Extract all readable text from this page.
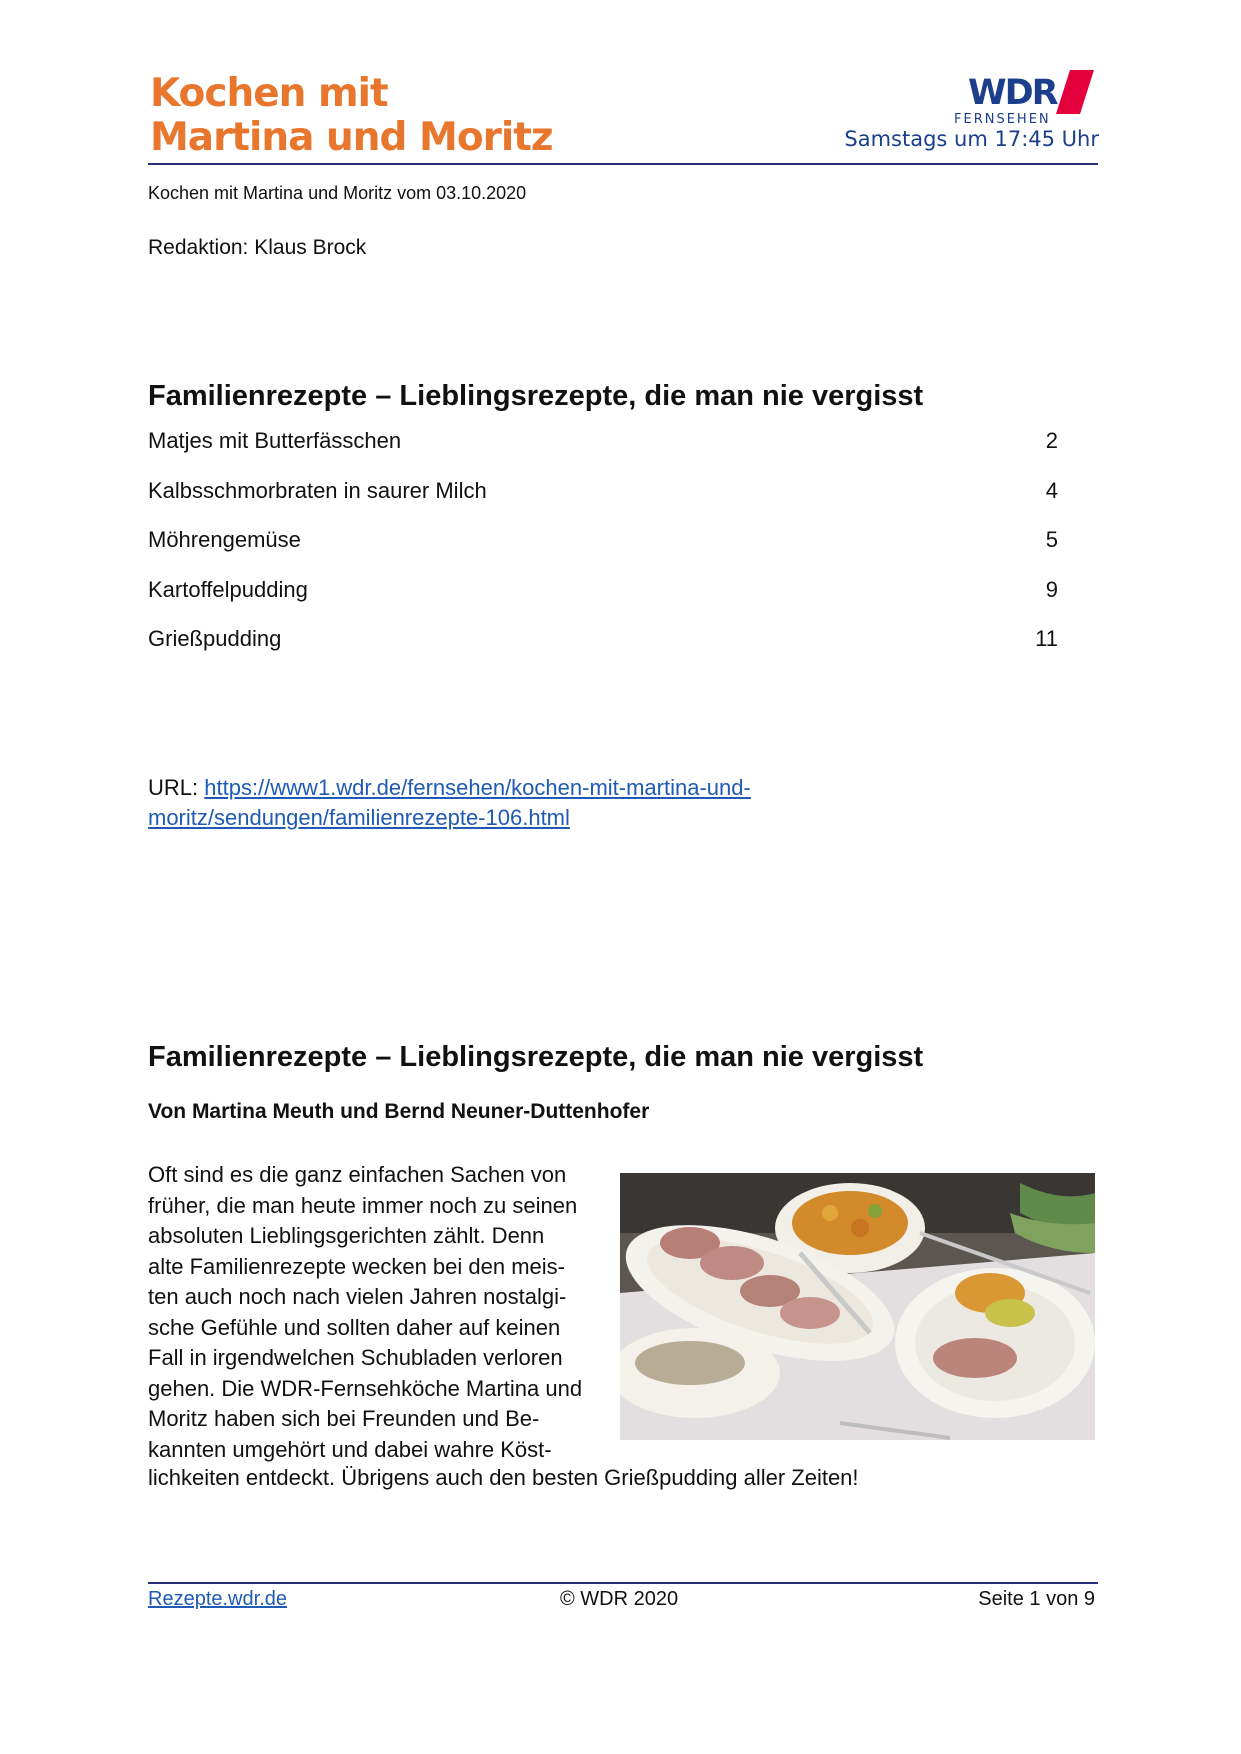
Kochen mit
Martina und Moritz
WDR
FERNSEHEN
Samstags um 17:45 Uhr
Kochen mit Martina und Moritz vom 03.10.2020
Redaktion: Klaus Brock
Familienrezepte – Lieblingsrezepte, die man nie vergisst
Matjes mit Butterfässchen	2
Kalbsschmorbraten in saurer Milch	4
Möhrengemüse	5
Kartoffelpudding	9
Grießpudding	11
URL: https://www1.wdr.de/fernsehen/kochen-mit-martina-und-
moritz/sendungen/familienrezepte-106.html
Familienrezepte – Lieblingsrezepte, die man nie vergisst
Von Martina Meuth und Bernd Neuner-Duttenhofer
Oft sind es die ganz einfachen Sachen von
früher, die man heute immer noch zu seinen
absoluten Lieblingsgerichten zählt. Denn
alte Familienrezepte wecken bei den meis-
ten auch noch nach vielen Jahren nostalgi-
sche Gefühle und sollten daher auf keinen
Fall in irgendwelchen Schubladen verloren
gehen. Die WDR-Fernsehköche Martina und
Moritz haben sich bei Freunden und Be-
kannten umgehört und dabei wahre Köst-
lichkeiten entdeckt. Übrigens auch den besten Grießpudding aller Zeiten!
Rezepte.wdr.de	© WDR 2020	Seite 1 von 9
